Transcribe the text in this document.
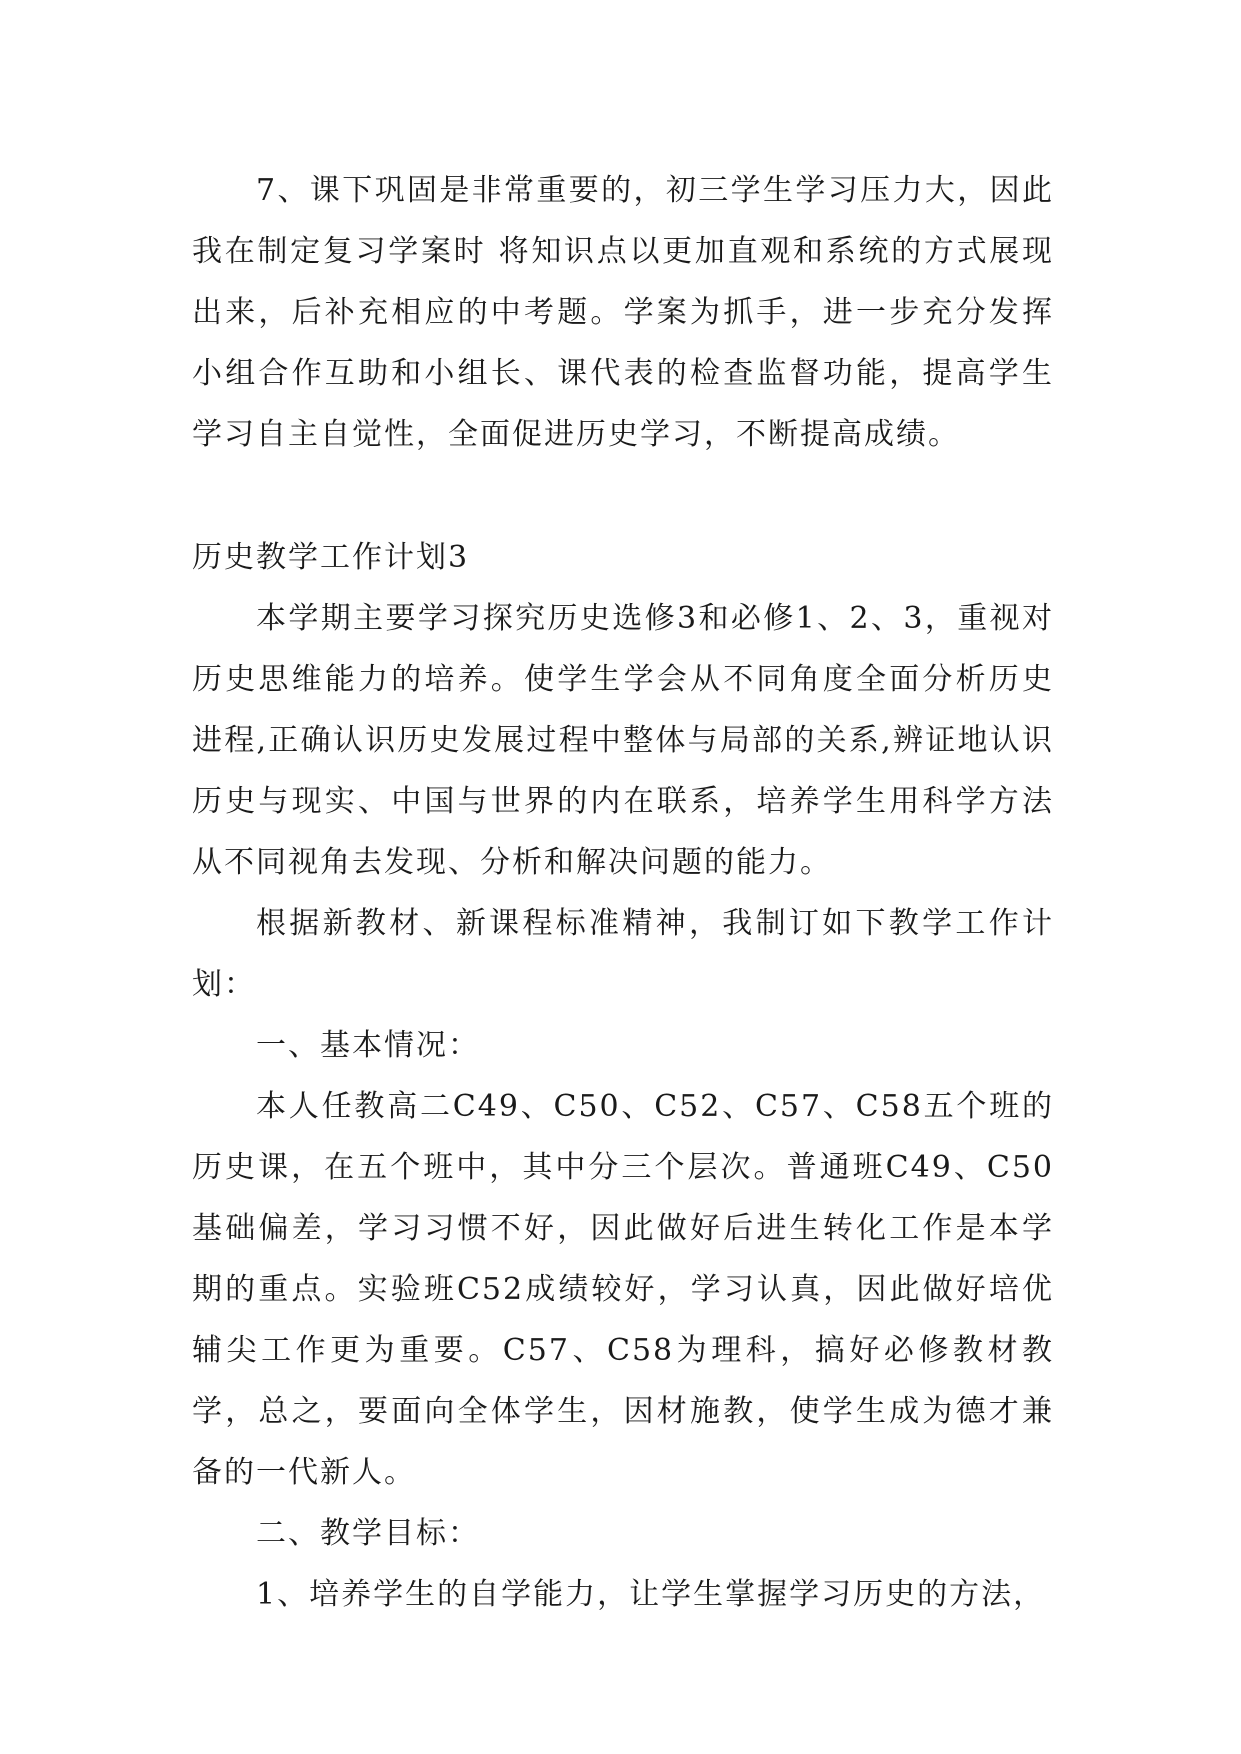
7、课下巩固是非常重要的，初三学生学习压力大，因此我在制定复习学案时 将知识点以更加直观和系统的方式展现出来，后补充相应的中考题。学案为抓手，进一步充分发挥小组合作互助和小组长、课代表的检查监督功能，提高学生学习自主自觉性，全面促进历史学习，不断提高成绩。

历史教学工作计划3

本学期主要学习探究历史选修3和必修1、2、3，重视对历史思维能力的培养。使学生学会从不同角度全面分析历史进程,正确认识历史发展过程中整体与局部的关系,辨证地认识历史与现实、中国与世界的内在联系，培养学生用科学方法从不同视角去发现、分析和解决问题的能力。

根据新教材、新课程标准精神，我制订如下教学工作计划：

一、基本情况：

本人任教高二C49、C50、C52、C57、C58五个班的历史课，在五个班中，其中分三个层次。普通班C49、C50基础偏差，学习习惯不好，因此做好后进生转化工作是本学期的重点。实验班C52成绩较好，学习认真，因此做好培优辅尖工作更为重要。C57、C58为理科，搞好必修教材教学，总之，要面向全体学生，因材施教，使学生成为德才兼备的一代新人。

二、教学目标：

1、培养学生的自学能力，让学生掌握学习历史的方法，
